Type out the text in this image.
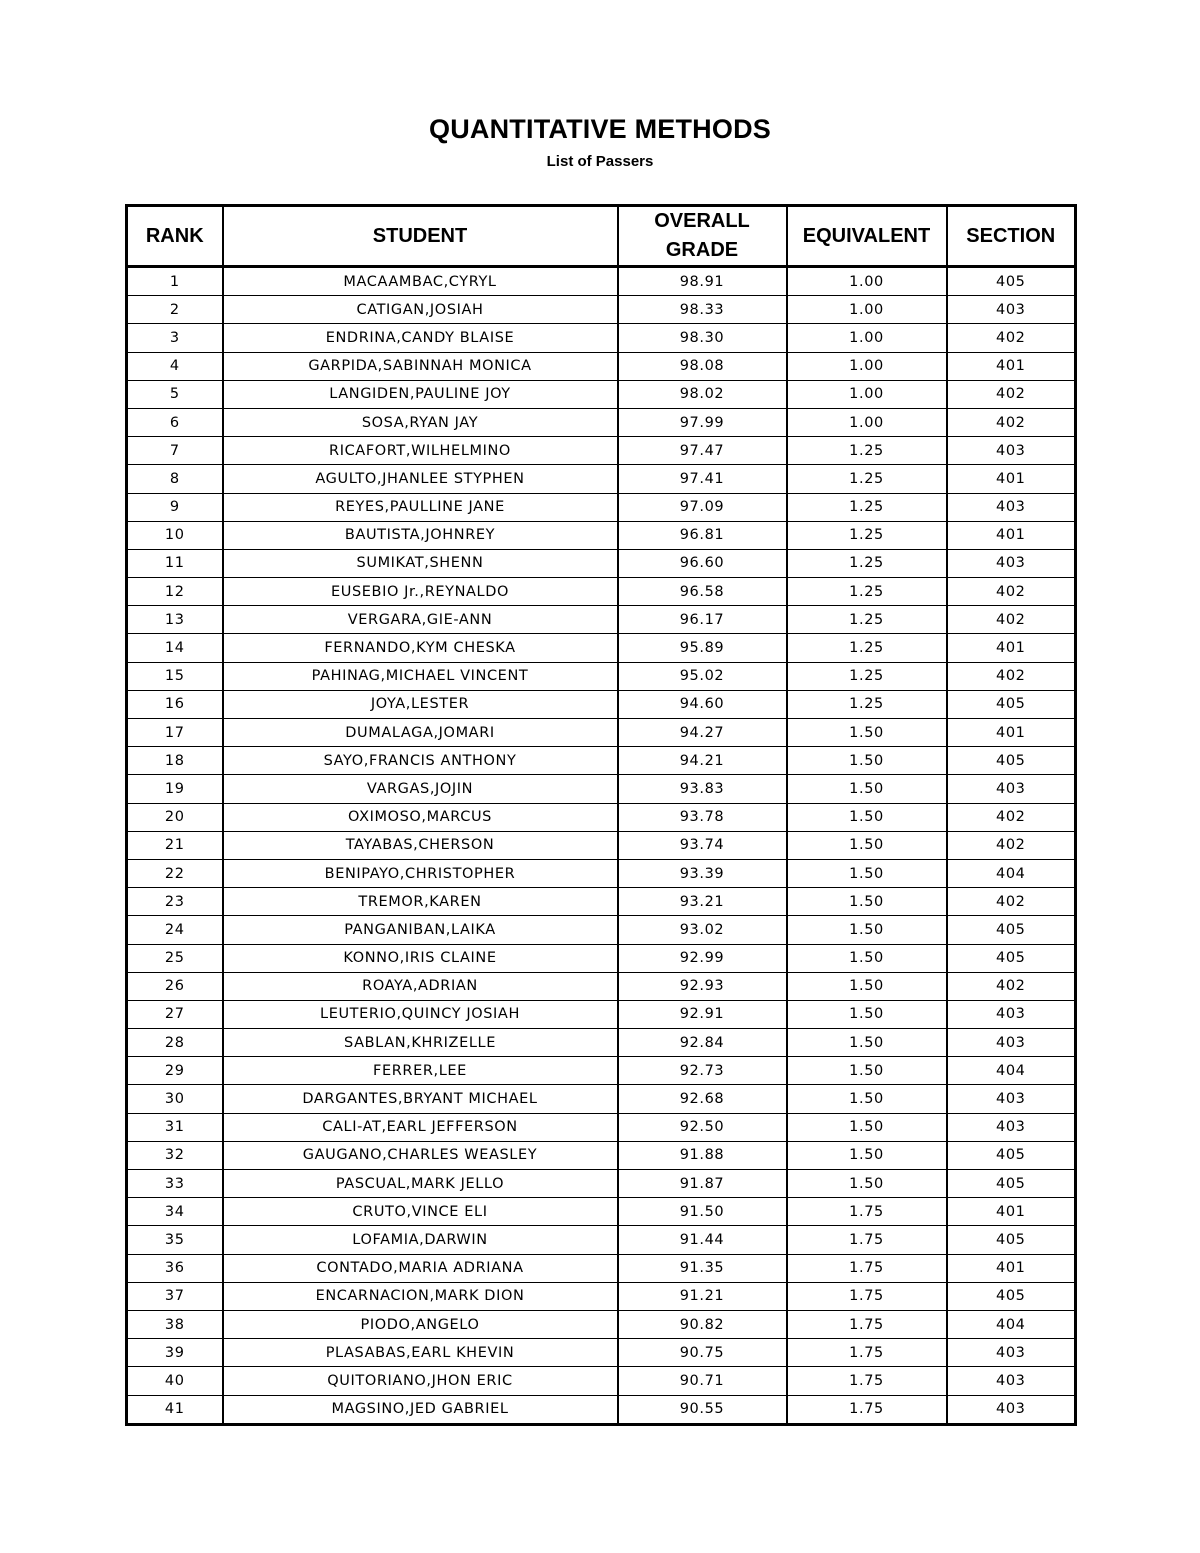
QUANTITATIVE METHODS
List of Passers
RANK	STUDENT	OVERALL GRADE	EQUIVALENT	SECTION
1	MACAAMBAC,CYRYL	98.91	1.00	405
2	CATIGAN,JOSIAH	98.33	1.00	403
3	ENDRINA,CANDY BLAISE	98.30	1.00	402
4	GARPIDA,SABINNAH MONICA	98.08	1.00	401
5	LANGIDEN,PAULINE JOY	98.02	1.00	402
6	SOSA,RYAN JAY	97.99	1.00	402
7	RICAFORT,WILHELMINO	97.47	1.25	403
8	AGULTO,JHANLEE STYPHEN	97.41	1.25	401
9	REYES,PAULLINE JANE	97.09	1.25	403
10	BAUTISTA,JOHNREY	96.81	1.25	401
11	SUMIKAT,SHENN	96.60	1.25	403
12	EUSEBIO Jr.,REYNALDO	96.58	1.25	402
13	VERGARA,GIE-ANN	96.17	1.25	402
14	FERNANDO,KYM CHESKA	95.89	1.25	401
15	PAHINAG,MICHAEL VINCENT	95.02	1.25	402
16	JOYA,LESTER	94.60	1.25	405
17	DUMALAGA,JOMARI	94.27	1.50	401
18	SAYO,FRANCIS ANTHONY	94.21	1.50	405
19	VARGAS,JOJIN	93.83	1.50	403
20	OXIMOSO,MARCUS	93.78	1.50	402
21	TAYABAS,CHERSON	93.74	1.50	402
22	BENIPAYO,CHRISTOPHER	93.39	1.50	404
23	TREMOR,KAREN	93.21	1.50	402
24	PANGANIBAN,LAIKA	93.02	1.50	405
25	KONNO,IRIS CLAINE	92.99	1.50	405
26	ROAYA,ADRIAN	92.93	1.50	402
27	LEUTERIO,QUINCY JOSIAH	92.91	1.50	403
28	SABLAN,KHRIZELLE	92.84	1.50	403
29	FERRER,LEE	92.73	1.50	404
30	DARGANTES,BRYANT MICHAEL	92.68	1.50	403
31	CALI-AT,EARL JEFFERSON	92.50	1.50	403
32	GAUGANO,CHARLES WEASLEY	91.88	1.50	405
33	PASCUAL,MARK JELLO	91.87	1.50	405
34	CRUTO,VINCE ELI	91.50	1.75	401
35	LOFAMIA,DARWIN	91.44	1.75	405
36	CONTADO,MARIA ADRIANA	91.35	1.75	401
37	ENCARNACION,MARK DION	91.21	1.75	405
38	PIODO,ANGELO	90.82	1.75	404
39	PLASABAS,EARL KHEVIN	90.75	1.75	403
40	QUITORIANO,JHON ERIC	90.71	1.75	403
41	MAGSINO,JED GABRIEL	90.55	1.75	403
